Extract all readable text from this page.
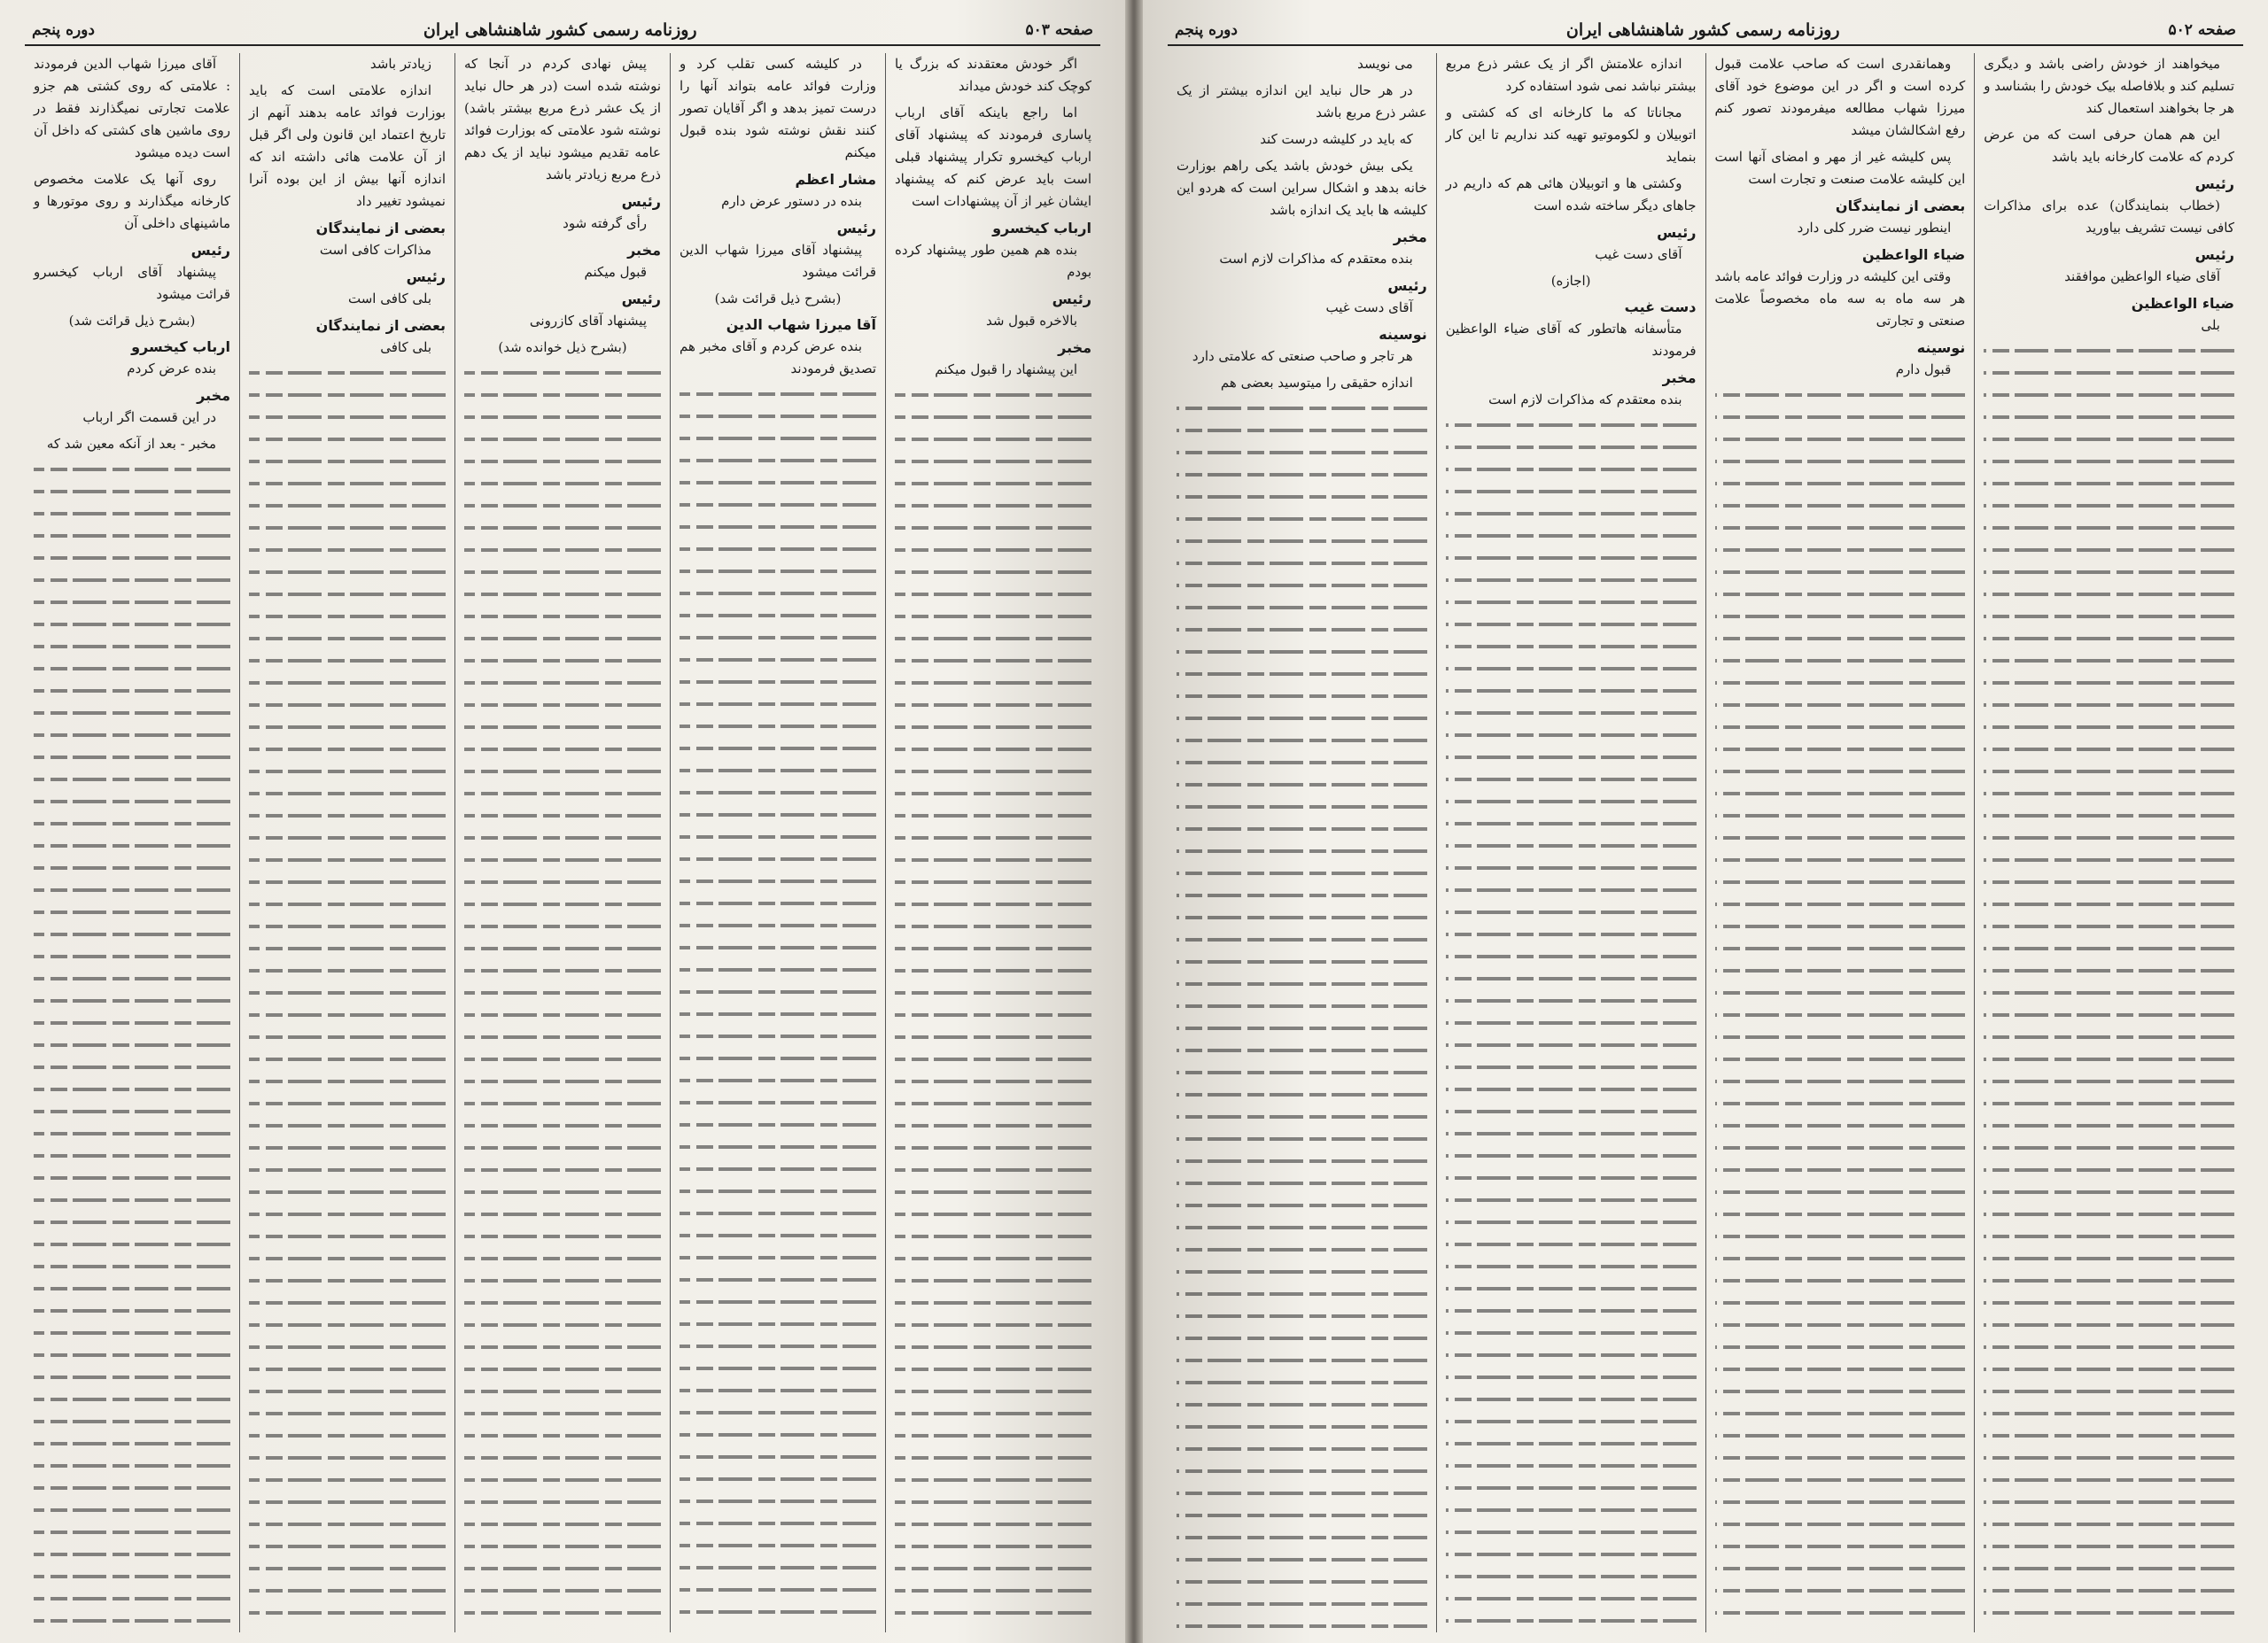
صفحه ۵۰۳
روزنامه رسمی کشور شاهنشاهی ایران
دوره پنجم

اگر خودش معتقدند که بزرگ یا کوچک کند خودش میداند

اما راجع باینکه آقای ارباب پاساری فرمودند که پیشنهاد آقای ارباب کیخسرو تکرار پیشنهاد قبلی است باید عرض کنم که پیشنهاد ایشان غیر از آن پیشنهادات است

ارباب کیخسرو

بنده هم همین طور پیشنهاد کرده بودم

رئیس

بالاخره قبول شد

مخبر

این پیشنهاد را قبول میکنم

در کلیشه کسی تقلب کرد و وزارت فوائد عامه بتواند آنها را درست تمیز بدهد و اگر آقایان تصور کنند نقش نوشته شود بنده قبول میکنم

مشار اعظم

بنده در دستور عرض دارم

رئیس

پیشنهاد آقای میرزا شهاب الدین قرائت میشود

(بشرح ذیل قرائت شد)

آقا میرزا شهاب الدین

بنده عرض کردم و آقای مخبر هم تصدیق فرمودند

پیش نهادی کردم در آنجا که نوشته شده است (در هر حال نباید از یک عشر ذرع مربع بیشتر باشد) نوشته شود علامتی که بوزارت فوائد عامه تقدیم میشود نباید از یک دهم ذرع مربع زیادتر باشد

رئیس

رأی گرفته شود

مخبر

قبول میکنم

رئیس

پیشنهاد آقای کازرونی

(بشرح ذیل خوانده شد)

زیادتر باشد

اندازه علامتی است که باید بوزارت فوائد عامه بدهند آنهم از تاریخ اعتماد این قانون ولی اگر قبل از آن علامت هائی داشته اند که اندازه آنها بیش از این بوده آنرا نمیشود تغییر داد

بعضی از نمایندگان

مذاکرات کافی است

رئیس

بلی کافی است

بعضی از نمایندگان

بلی کافی

آقای میرزا شهاب الدین فرمودند : علامتی که روی کشتی هم جزو علامت تجارتی نمیگذارند فقط در روی ماشین های کشتی که داخل آن است دیده میشود

روی آنها یک علامت مخصوص کارخانه میگذارند و روی موتورها و ماشینهای داخلی آن

رئیس

پیشنهاد آقای ارباب کیخسرو قرائت میشود

(بشرح ذیل قرائت شد)

ارباب کیخسرو

بنده عرض کردم

مخبر

در این قسمت اگر ارباب

مخبر - بعد از آنکه معین شد که

صفحه ۵۰۲
روزنامه رسمی کشور شاهنشاهی ایران
دوره پنجم

میخواهند از خودش راضی باشد و دیگری تسلیم کند و بلافاصله بیک خودش را بشناسد و هر جا بخواهند استعمال کند

این هم همان حرفی است که من عرض کردم که علامت کارخانه باید باشد

رئیس

(خطاب بنمایندگان) عده برای مذاکرات کافی نیست تشریف بیاورید

رئیس

آقای ضیاء الواعظین موافقند

ضیاء الواعظین

بلی

وهمانقدری است که صاحب علامت قبول کرده است و اگر در این موضوع خود آقای میرزا شهاب مطالعه میفرمودند تصور کنم رفع اشکالشان میشد

پس کلیشه غیر از مهر و امضای آنها است این کلیشه علامت صنعت و تجارت است

بعضی از نمایندگان

اینطور نیست ضرر کلی دارد

ضیاء الواعظین

وقتی این کلیشه در وزارت فوائد عامه باشد هر سه ماه به سه ماه مخصوصاً علامت صنعتی و تجارتی

نوسینه

قبول دارم

اندازه علامتش اگر از یک عشر ذرع مربع بیشتر نباشد نمی شود استفاده کرد

مجاناتا که ما کارخانه ای که کشتی و اتوبیلان و لکوموتیو تهیه کند نداریم تا این کار بنماید

وکشتی ها و اتوبیلان هائی هم که داریم در جاهای دیگر ساخته شده است

رئیس

آقای دست غیب

(اجازه)

دست غیب

متأسفانه هاتطور که آقای ضیاء الواعظین فرمودند

مخبر

بنده معتقدم که مذاکرات لازم است

می نویسد

در هر حال نباید این اندازه بیشتر از یک عشر ذرع مربع باشد

که باید در کلیشه درست کند

یکی بیش خودش باشد یکی راهم بوزارت خانه بدهد و اشکال سراین است که هردو این کلیشه ها باید یک اندازه باشد

مخبر

بنده معتقدم که مذاکرات لازم است

رئیس

آقای دست غیب

نوسینه

هر تاجر و صاحب صنعتی که علامتی دارد

اندازه حقیقی را میتوسید بعضی هم
